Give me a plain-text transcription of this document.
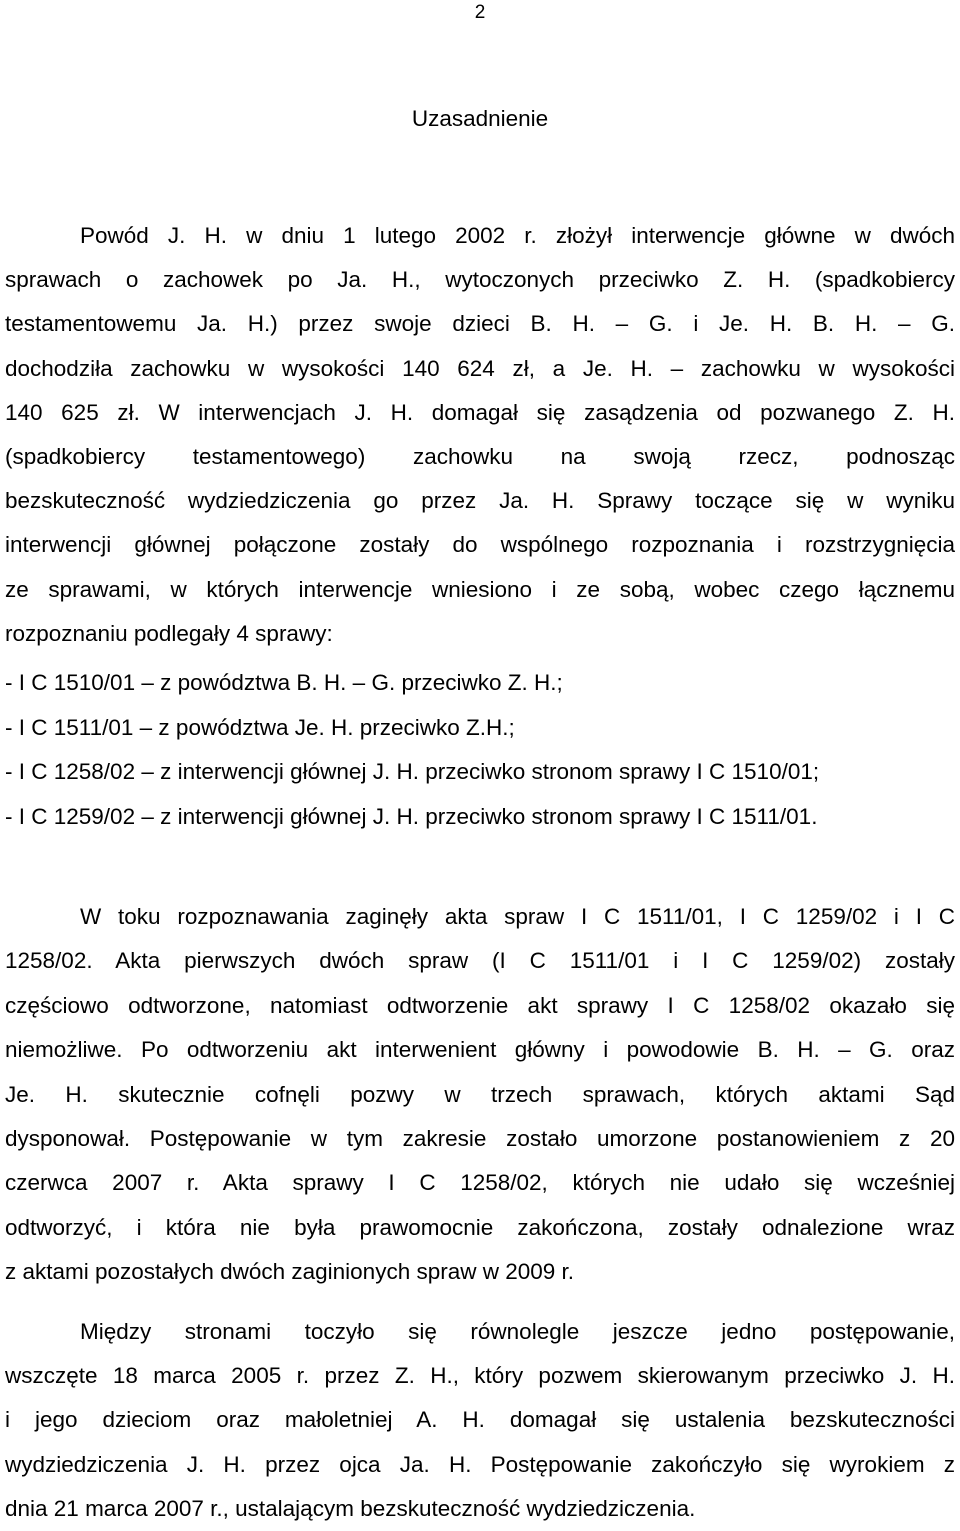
2
Uzasadnienie
Powód J. H. w dniu 1 lutego 2002 r. złożył interwencje główne w dwóch
sprawach o zachowek po Ja. H., wytoczonych przeciwko Z. H. (spadkobiercy
testamentowemu Ja. H.) przez swoje dzieci B. H. – G. i Je. H. B. H. – G.
dochodziła zachowku w wysokości 140 624 zł, a Je. H. – zachowku w wysokości
140 625 zł. W interwencjach J. H. domagał się zasądzenia od pozwanego Z. H.
(spadkobiercy testamentowego) zachowku na swoją rzecz, podnosząc
bezskuteczność wydziedziczenia go przez Ja. H. Sprawy toczące się w wyniku
interwencji głównej połączone zostały do wspólnego rozpoznania i rozstrzygnięcia
ze sprawami, w których interwencje wniesiono i ze sobą, wobec czego łącznemu
rozpoznaniu podlegały 4 sprawy:
- I C 1510/01 – z powództwa B. H. – G. przeciwko Z. H.;
- I C 1511/01 – z powództwa Je. H. przeciwko Z.H.;
- I C 1258/02 – z interwencji głównej J. H. przeciwko stronom sprawy I C 1510/01;
- I C 1259/02 – z interwencji głównej J. H. przeciwko stronom sprawy I C 1511/01.
W toku rozpoznawania zaginęły akta spraw I C 1511/01, I C 1259/02 i I C
1258/02. Akta pierwszych dwóch spraw (I C 1511/01 i I C 1259/02) zostały
częściowo odtworzone, natomiast odtworzenie akt sprawy I C 1258/02 okazało się
niemożliwe. Po odtworzeniu akt interwenient główny i powodowie B. H. – G. oraz
Je. H. skutecznie cofnęli pozwy w trzech sprawach, których aktami Sąd
dysponował. Postępowanie w tym zakresie zostało umorzone postanowieniem z 20
czerwca 2007 r. Akta sprawy I C 1258/02, których nie udało się wcześniej
odtworzyć, i która nie była prawomocnie zakończona, zostały odnalezione wraz
z aktami pozostałych dwóch zaginionych spraw w 2009 r.
Między stronami toczyło się równolegle jeszcze jedno postępowanie,
wszczęte 18 marca 2005 r. przez Z. H., który pozwem skierowanym przeciwko J. H.
i jego dzieciom oraz małoletniej A. H. domagał się ustalenia bezskuteczności
wydziedziczenia J. H. przez ojca Ja. H. Postępowanie zakończyło się wyrokiem z
dnia 21 marca 2007 r., ustalającym bezskuteczność wydziedziczenia.
